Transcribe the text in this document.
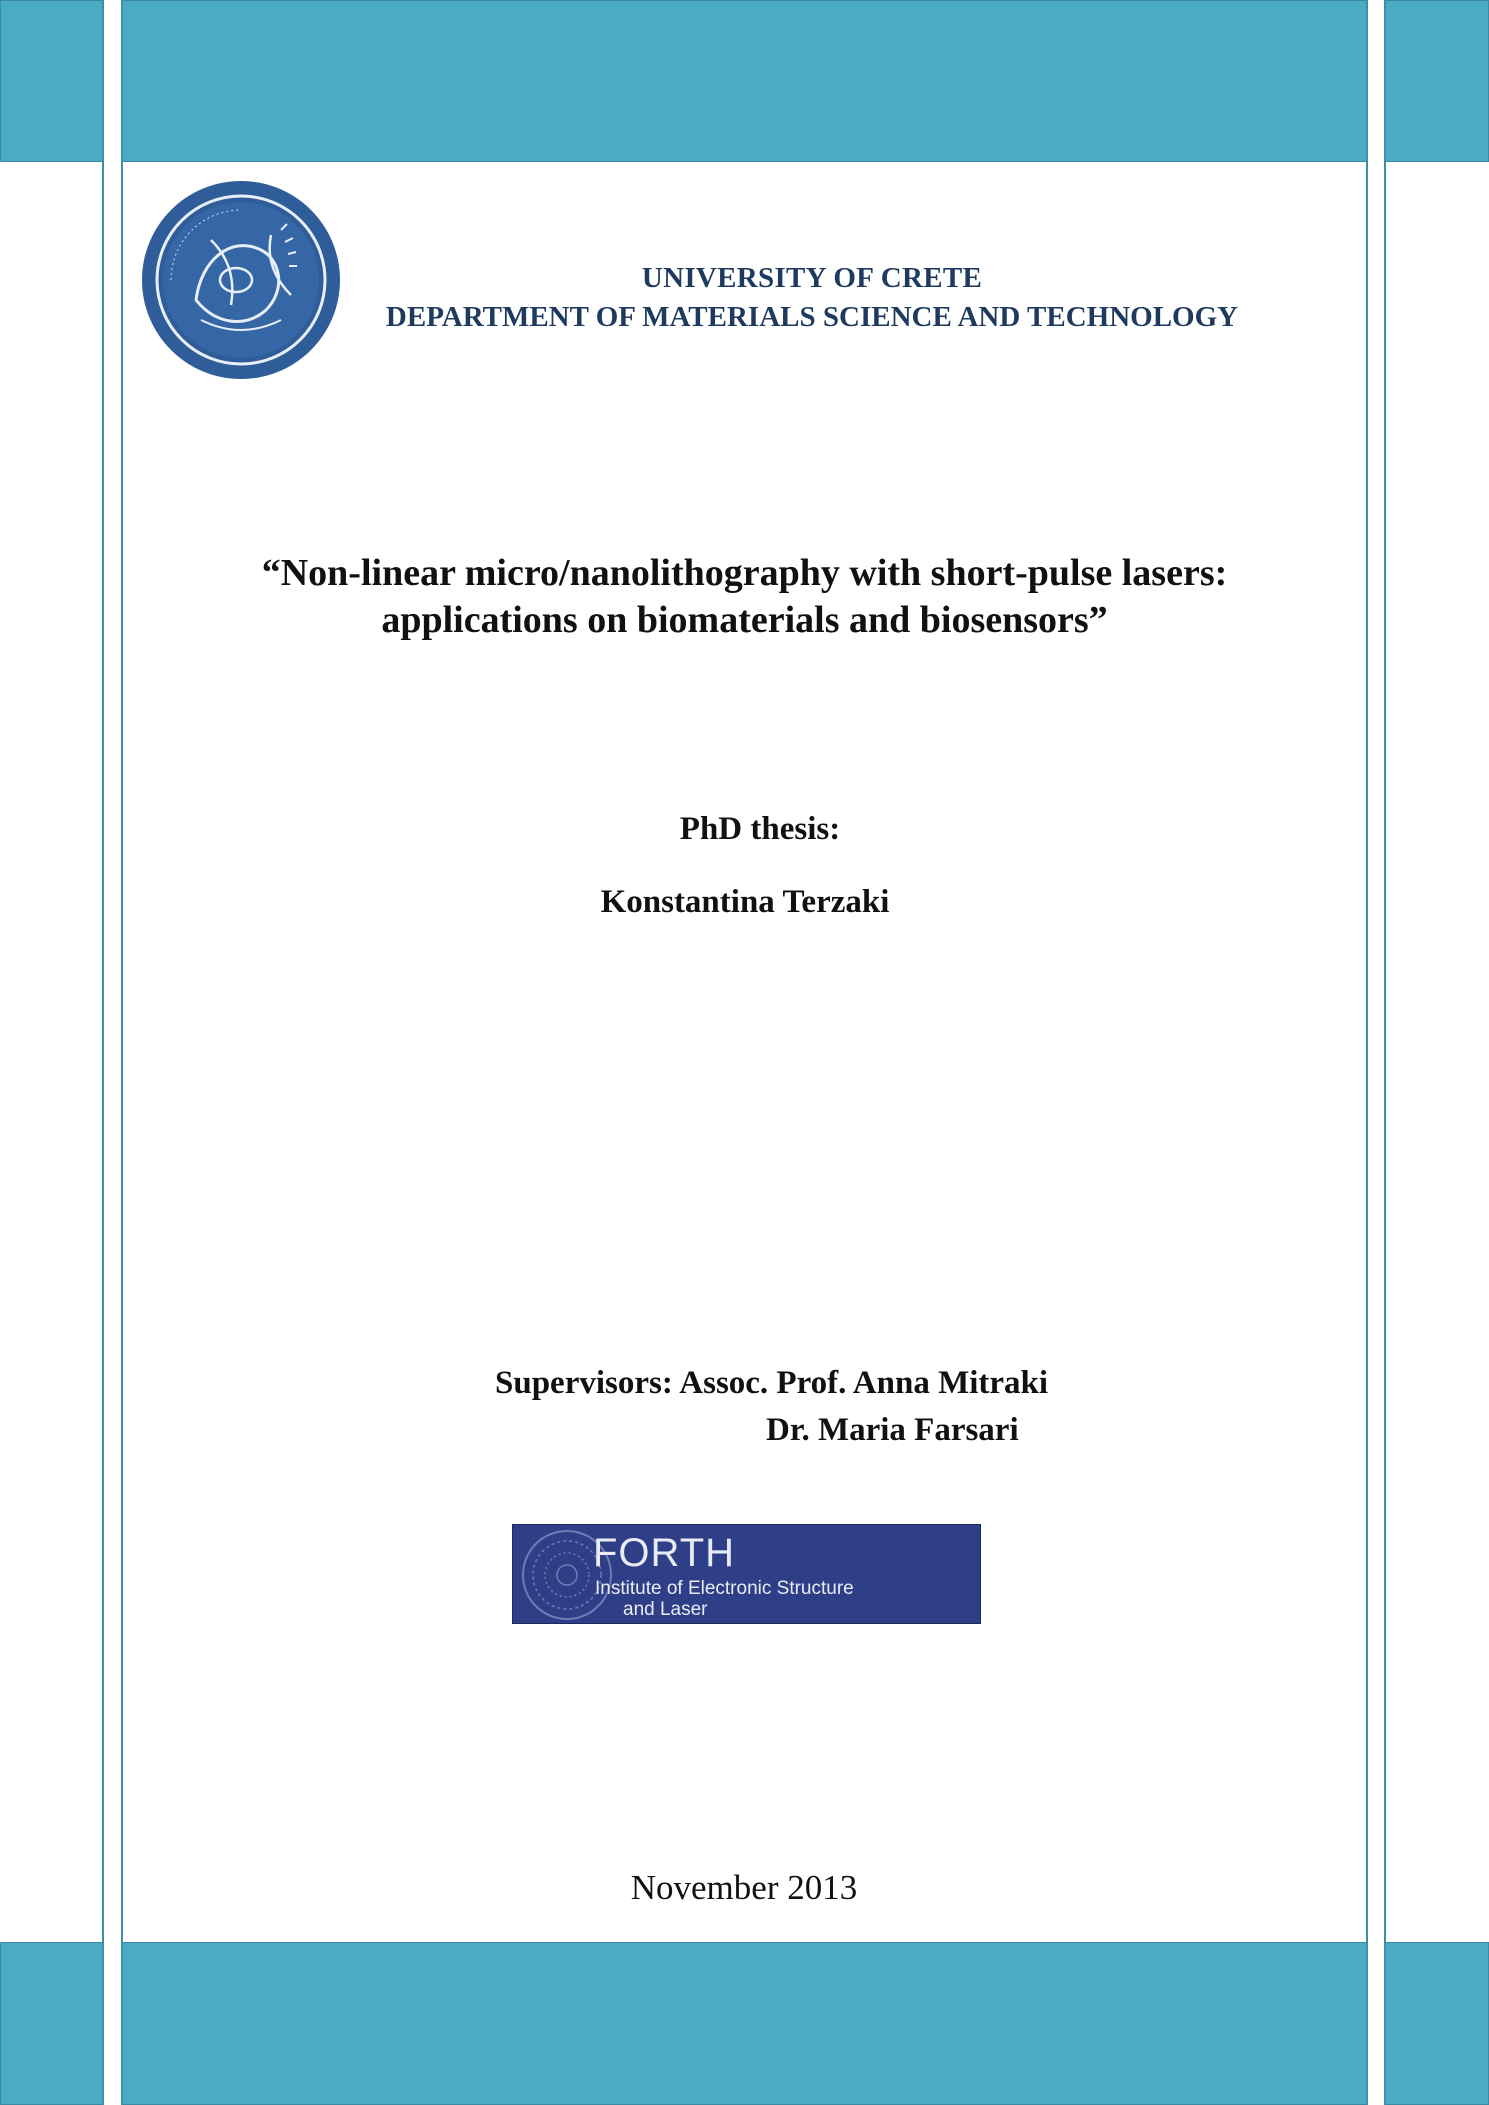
UNIVERSITY OF CRETE

DEPARTMENT OF MATERIALS SCIENCE AND TECHNOLOGY

“Non-linear micro/nanolithography with short-pulse lasers:
applications on biomaterials and biosensors”

PhD thesis:

Konstantina Terzaki

Supervisors: Assoc. Prof. Anna Mitraki
Dr. Maria Farsari
FORTH
Institute of Electronic Structure
and Laser

November 2013
